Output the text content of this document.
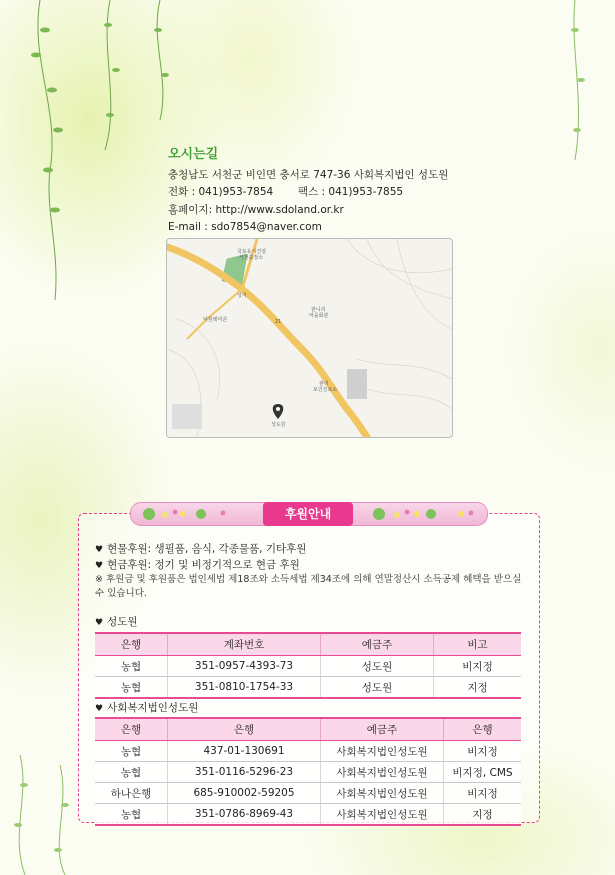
오시는길
충청남도 서천군 비인면 충서로 747-36 사회복지법인 성도원
전화 : 041)953-7854 팩스 : 041)953-7855
홈페이지: http://www.sdoland.or.kr
E-mail : sdo7854@naver.com
국토유지건설
서천출장소
성거
덕원레미콘
관니리
마을회관
21
관리
보건진료소
성도원
후원안내
♥ 현물후원: 생필품, 음식, 각종물품, 기타후원
♥ 현금후원: 정기 및 비정기적으로 현금 후원
※ 후원금 및 후원품은 법인세법 제18조와 소득세법 제34조에 의해 연말정산시 소득공제 혜택을 받으실 수 있습니다.
♥ 성도원
은행	계좌번호	예금주	비고
농협	351-0957-4393-73	성도원	비지정
농협	351-0810-1754-33	성도원	지정
♥ 사회복지법인성도원
은행	은행	예금주	은행
농협	437-01-130691	사회복지법인성도원	비지정
농협	351-0116-5296-23	사회복지법인성도원	비지정, CMS
하나은행	685-910002-59205	사회복지법인성도원	비지정
농협	351-0786-8969-43	사회복지법인성도원	지정
